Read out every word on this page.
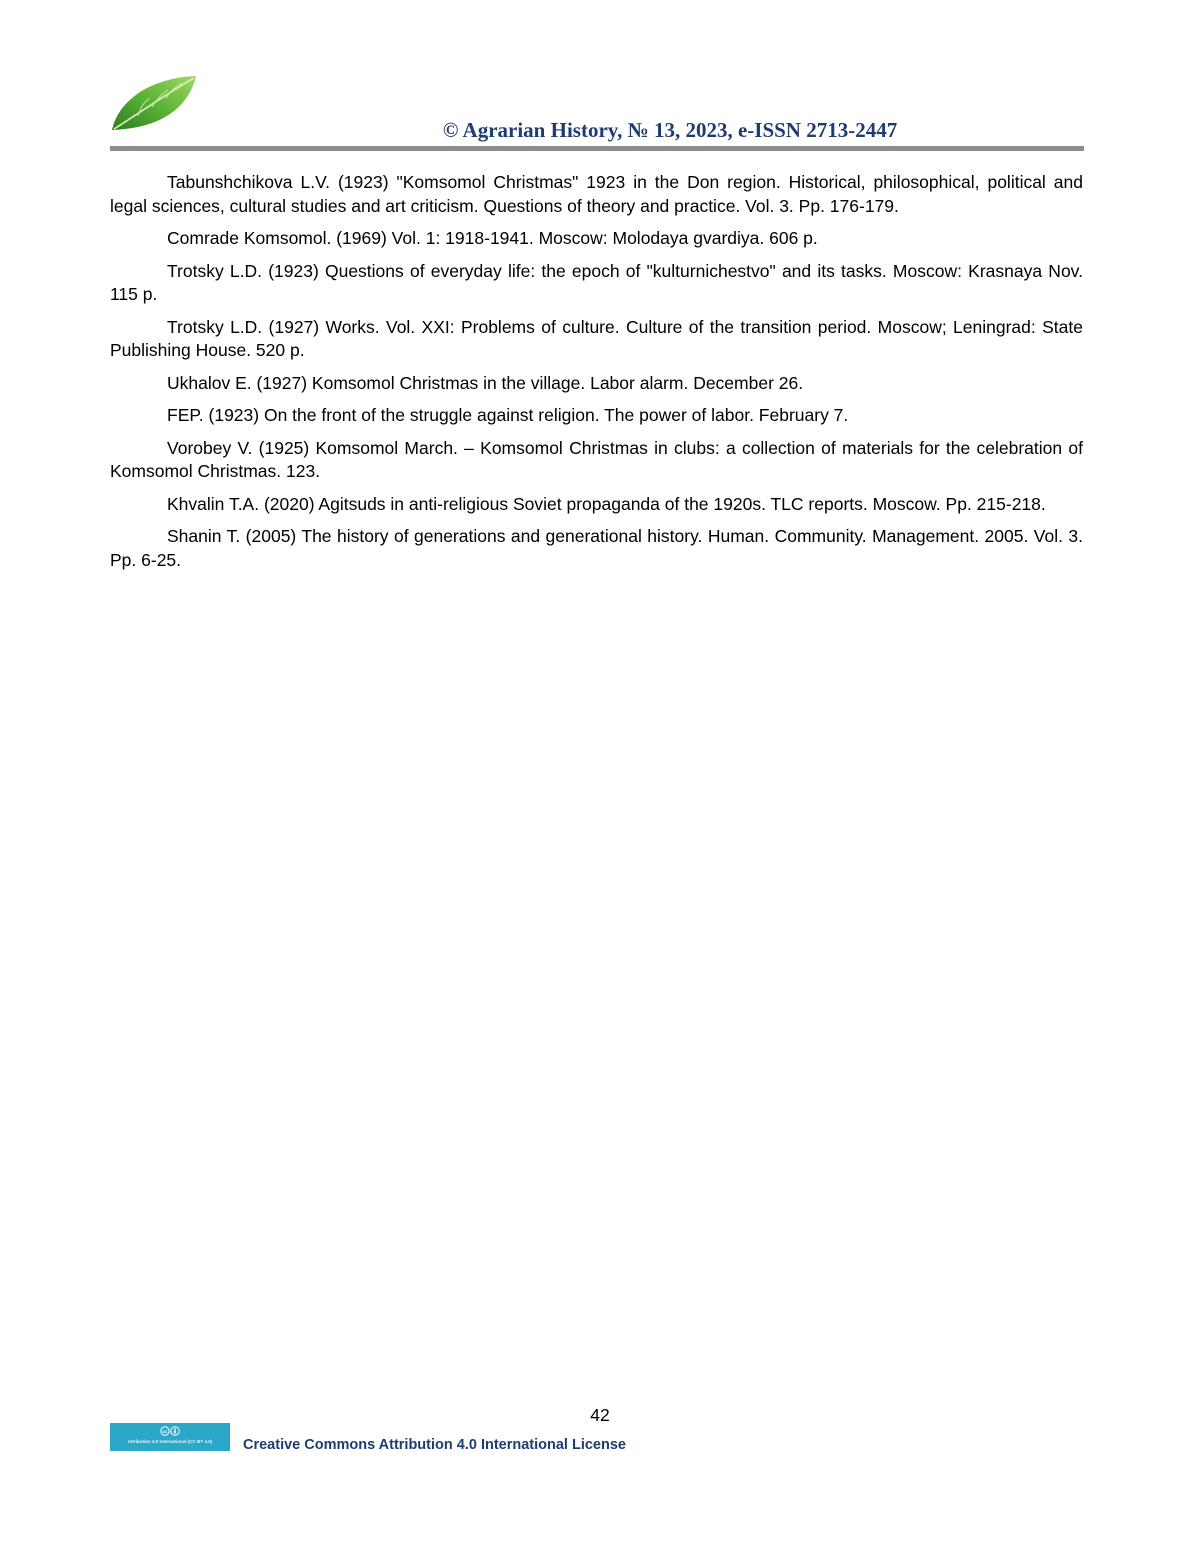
© Agrarian History, № 13, 2023, e-ISSN 2713-2447

Tabunshchikova L.V. (1923) "Komsomol Christmas" 1923 in the Don region. Historical, philosophical, political and legal sciences, cultural studies and art criticism. Questions of theory and practice. Vol. 3. Pp. 176-179.

Comrade Komsomol. (1969) Vol. 1: 1918-1941. Moscow: Molodaya gvardiya. 606 p.

Trotsky L.D. (1923) Questions of everyday life: the epoch of "kulturnichestvo" and its tasks. Moscow: Krasnaya Nov. 115 p.

Trotsky L.D. (1927) Works. Vol. XXI: Problems of culture. Culture of the transition period. Moscow; Leningrad: State Publishing House. 520 p.

Ukhalov E. (1927) Komsomol Christmas in the village. Labor alarm. December 26.

FEP. (1923) On the front of the struggle against religion. The power of labor. February 7.

Vorobey V. (1925) Komsomol March. – Komsomol Christmas in clubs: a collection of materials for the celebration of Komsomol Christmas. 123.

Khvalin T.A. (2020) Agitsuds in anti-religious Soviet propaganda of the 1920s. TLC reports. Moscow. Pp. 215-218.

Shanin T. (2005) The history of generations and generational history. Human. Community. Management. 2005. Vol. 3. Pp. 6-25.

42
cc
Attribution 4.0 International (CC BY 4.0)	Creative Commons Attribution 4.0 International License
